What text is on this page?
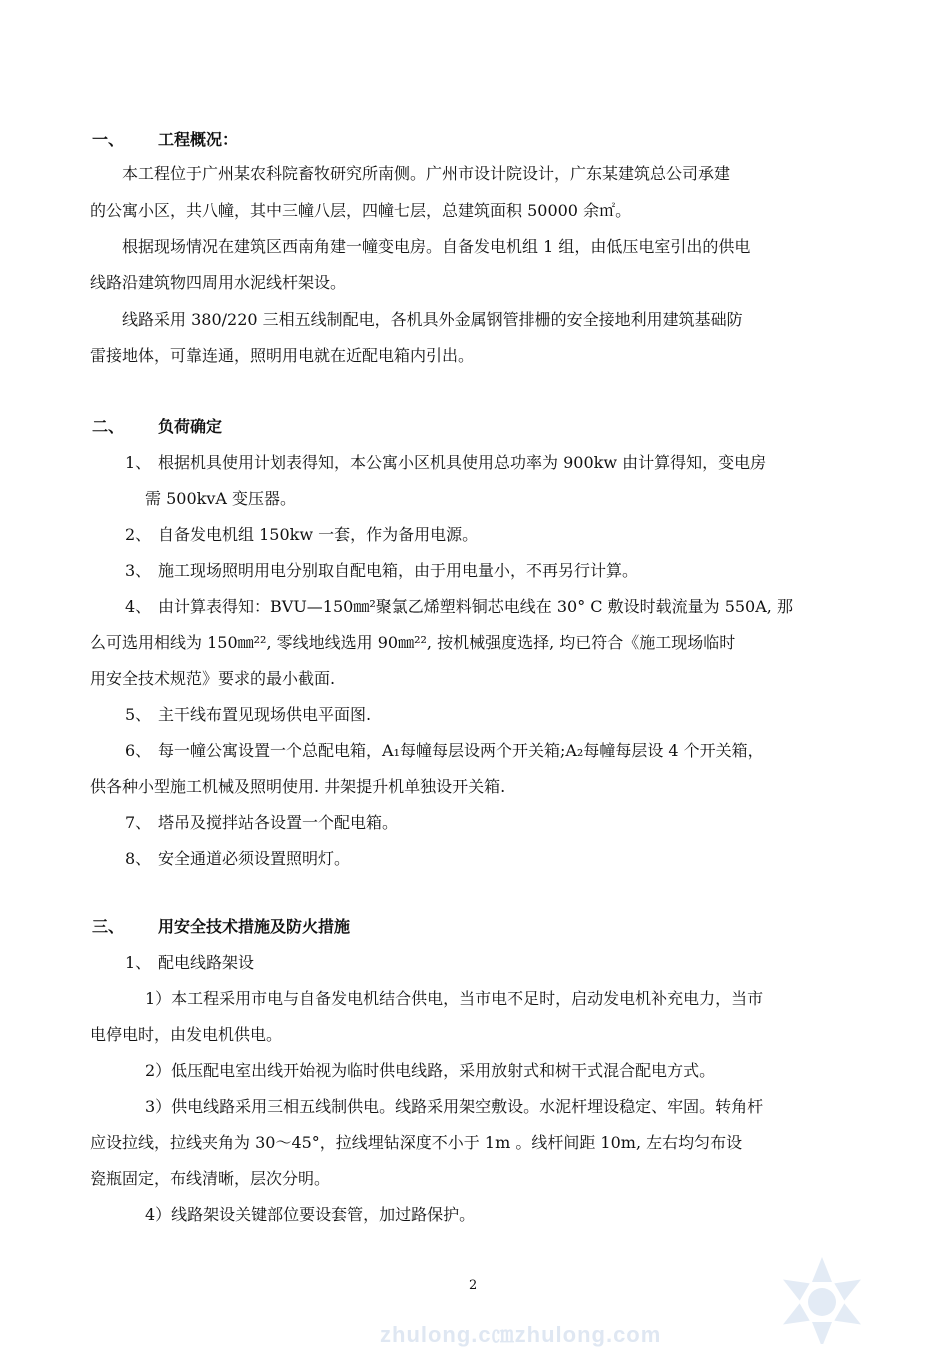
一、 工程概况：
本工程位于广州某农科院畜牧研究所南侧。广州市设计院设计，广东某建筑总公司承建
的公寓小区，共八幢，其中三幢八层，四幢七层，总建筑面积 50000 余㎡。
根据现场情况在建筑区西南角建一幢变电房。自备发电机组 1 组，由低压电室引出的供电
线路沿建筑物四周用水泥线杆架设。
线路采用 380/220 三相五线制配电，各机具外金属钢管排栅的安全接地利用建筑基础防
雷接地体，可靠连通，照明用电就在近配电箱内引出。
二、 负荷确定
1、 根据机具使用计划表得知，本公寓小区机具使用总功率为 900kw 由计算得知，变电房
需 500kvA 变压器。
2、 自备发电机组 150kw 一套，作为备用电源。
3、 施工现场照明用电分别取自配电箱，由于用电量小，不再另行计算。
4、 由计算表得知：BVU—150㎜²聚氯乙烯塑料铜芯电线在 30° C 敷设时载流量为 550A, 那
么可选用相线为 150㎜²², 零线地线选用 90㎜²², 按机械强度选择, 均已符合《施工现场临时
用安全技术规范》要求的最小截面.
5、 主干线布置见现场供电平面图.
6、 每一幢公寓设置一个总配电箱，A₁每幢每层设两个开关箱;A₂每幢每层设 4 个开关箱，
供各种小型施工机械及照明使用. 井架提升机单独设开关箱.
7、 塔吊及搅拌站各设置一个配电箱。
8、 安全通道必须设置照明灯。
三、 用安全技术措施及防火措施
1、 配电线路架设
1）本工程采用市电与自备发电机结合供电，当市电不足时，启动发电机补充电力，当市
电停电时，由发电机供电。
2）低压配电室出线开始视为临时供电线路，采用放射式和树干式混合配电方式。
3）供电线路采用三相五线制供电。线路采用架空敷设。水泥杆埋设稳定、牢固。转角杆
应设拉线，拉线夹角为 30～45°，拉线埋钻深度不小于 1m 。线杆间距 10m, 左右均匀布设
瓷瓶固定，布线清晰，层次分明。
4）线路架设关键部位要设套管，加过路保护。
2
zhulong.c㎝zhulong.com
